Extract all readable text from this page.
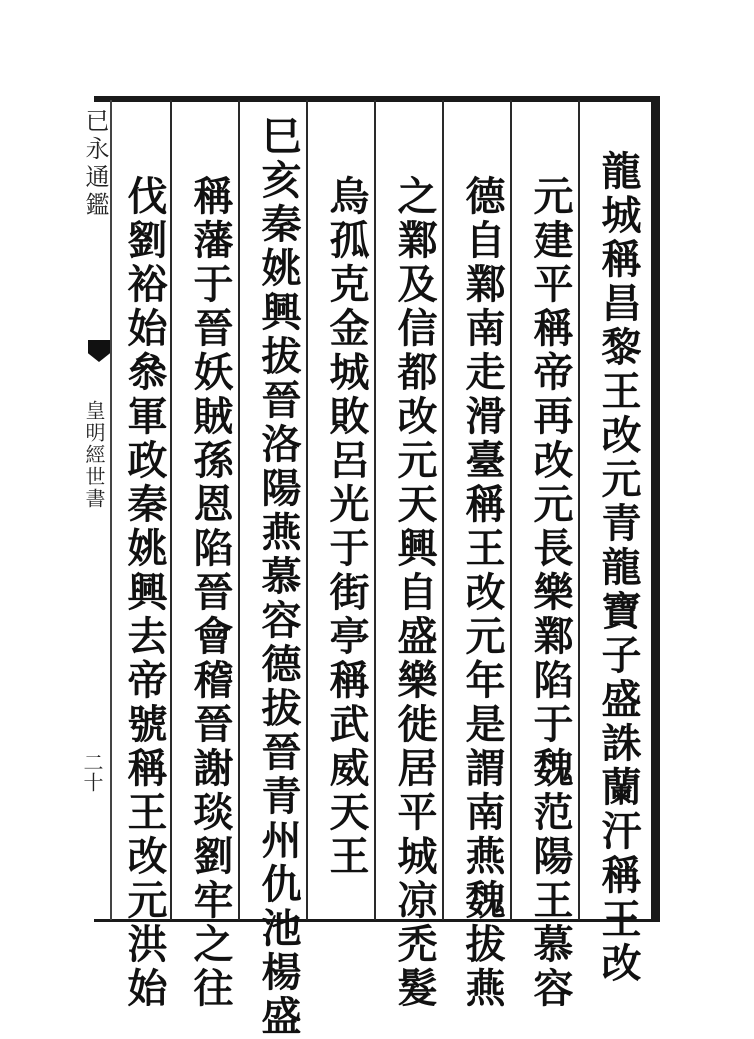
已永通鑑
皇明經世書
二十	龍城稱昌黎王改元青龍寶子盛誅蘭汗稱王改
元建平稱帝再改元長樂鄴陷于魏范陽王慕容
德自鄴南走滑臺稱王改元年是謂南燕魏拔燕
之鄴及信都改元天興自盛樂徙居平城凉禿髮
烏孤克金城敗呂光于街亭稱武威天王
巳亥秦姚興拔晉洛陽燕慕容德拔晉青州仇池楊盛
稱藩于晉妖賊孫恩陷晉會稽晉謝琰劉牢之往
伐劉裕始叅軍政秦姚興去帝號稱王改元洪始
